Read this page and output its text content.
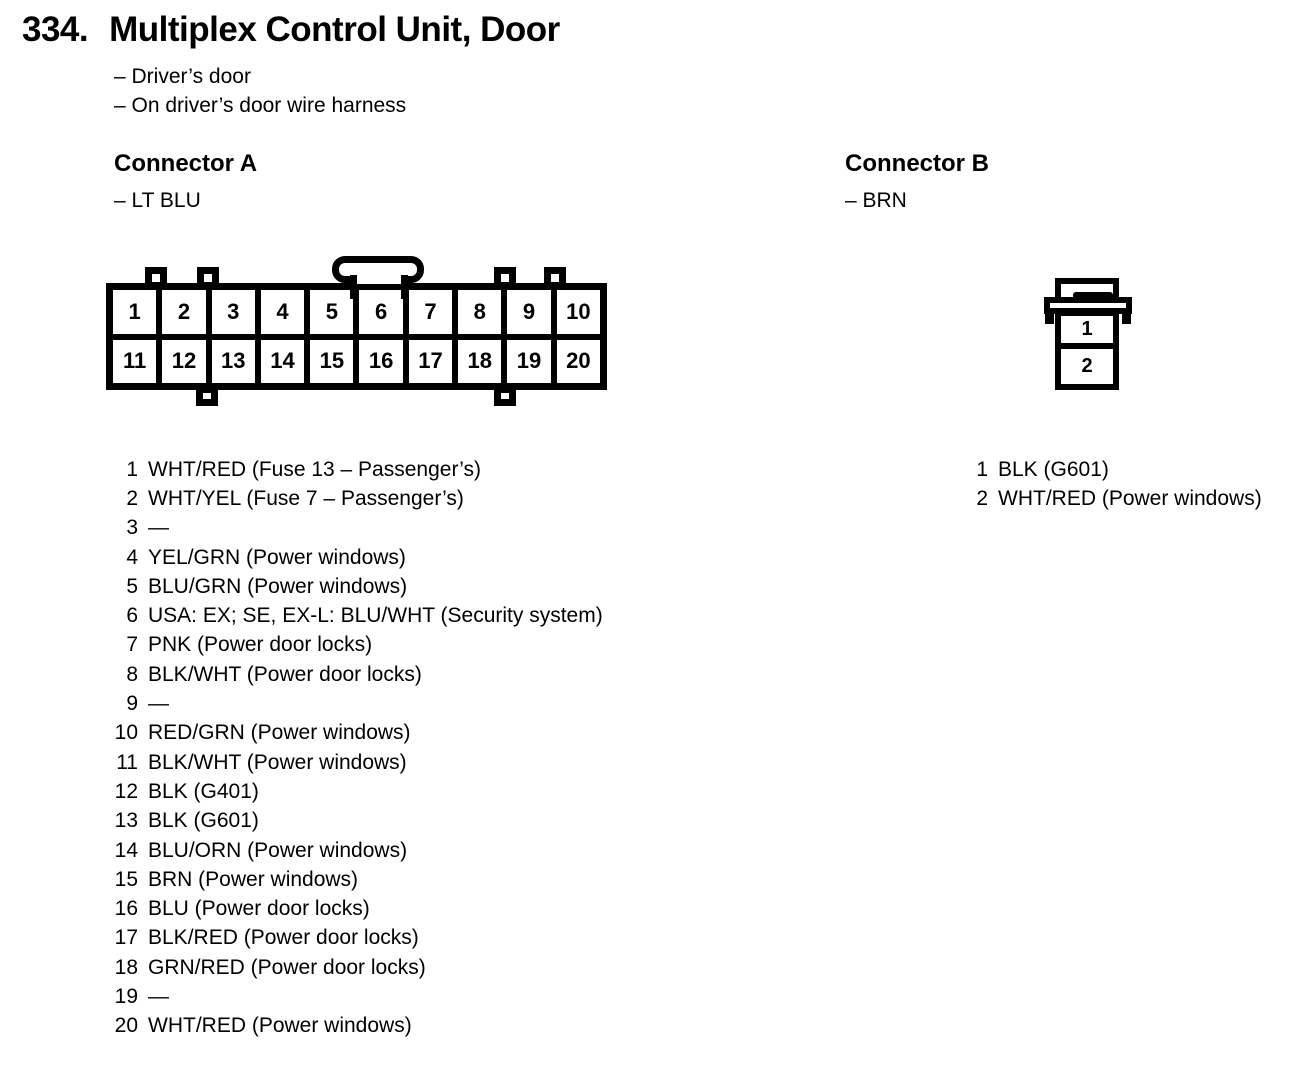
334. Multiplex Control Unit, Door
– Driver’s door
– On driver’s door wire harness
Connector A
– LT BLU
Connector B
– BRN
1	2	3	4	5	6	7	8	9	10
11	12	13	14	15	16	17	18	19	20
1
2
1 WHT/RED (Fuse 13 – Passenger’s)
2 WHT/YEL (Fuse 7 – Passenger’s)
3 —
4 YEL/GRN (Power windows)
5 BLU/GRN (Power windows)
6 USA: EX; SE, EX-L: BLU/WHT (Security system)
7 PNK (Power door locks)
8 BLK/WHT (Power door locks)
9 —
10 RED/GRN (Power windows)
11 BLK/WHT (Power windows)
12 BLK (G401)
13 BLK (G601)
14 BLU/ORN (Power windows)
15 BRN (Power windows)
16 BLU (Power door locks)
17 BLK/RED (Power door locks)
18 GRN/RED (Power door locks)
19 —
20 WHT/RED (Power windows)
1 BLK (G601)
2 WHT/RED (Power windows)
